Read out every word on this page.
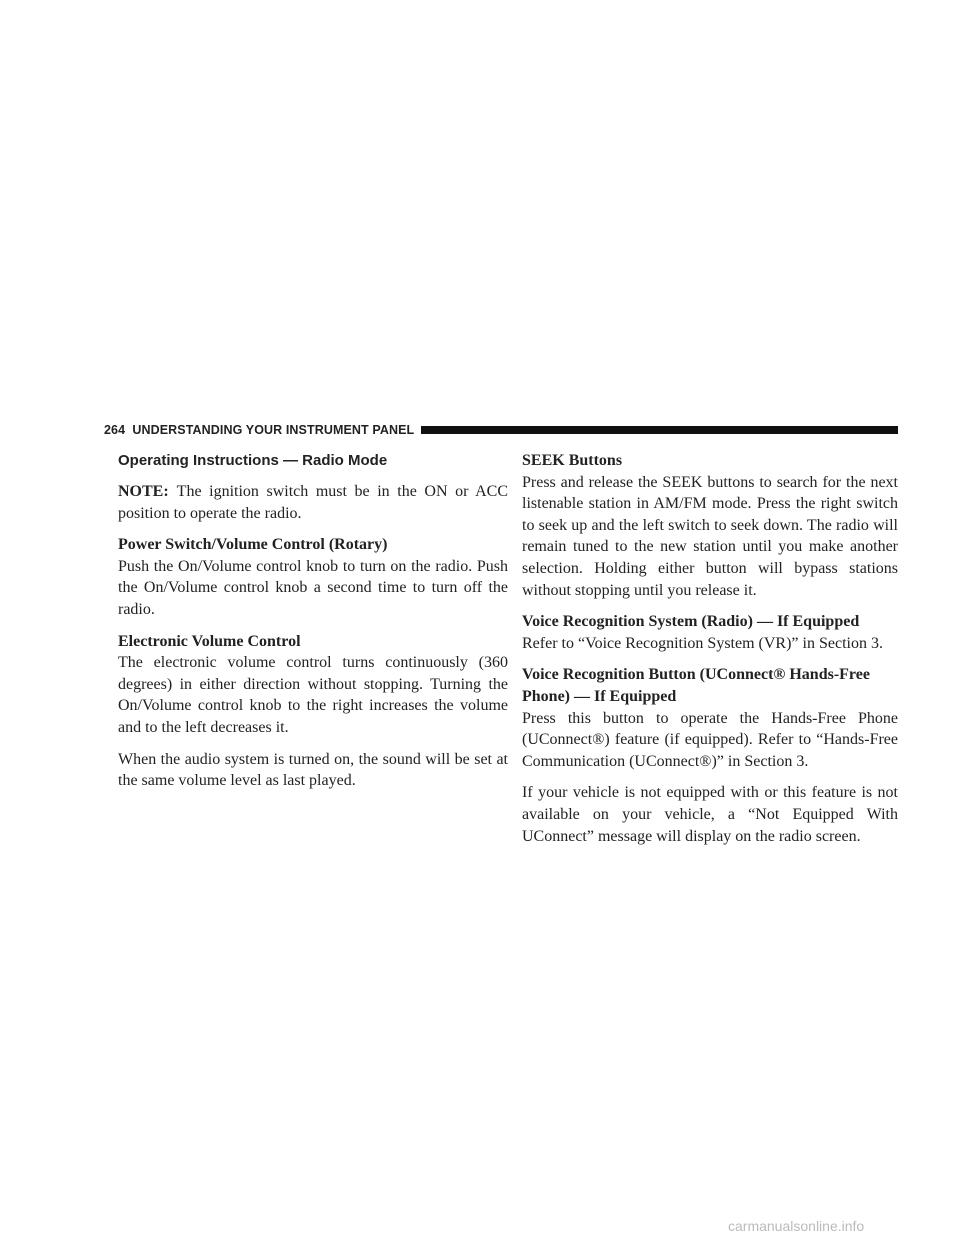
264 UNDERSTANDING YOUR INSTRUMENT PANEL

Operating Instructions — Radio Mode

NOTE: The ignition switch must be in the ON or ACC position to operate the radio.

Power Switch/Volume Control (Rotary)

Push the On/Volume control knob to turn on the radio. Push the On/Volume control knob a second time to turn off the radio.

Electronic Volume Control

The electronic volume control turns continuously (360 degrees) in either direction without stopping. Turning the On/Volume control knob to the right increases the volume and to the left decreases it.

When the audio system is turned on, the sound will be set at the same volume level as last played.

SEEK Buttons

Press and release the SEEK buttons to search for the next listenable station in AM/FM mode. Press the right switch to seek up and the left switch to seek down. The radio will remain tuned to the new station until you make another selection. Holding either button will bypass stations without stopping until you release it.

Voice Recognition System (Radio) — If Equipped

Refer to “Voice Recognition System (VR)” in Section 3.

Voice Recognition Button (UConnect® Hands-Free Phone) — If Equipped

Press this button to operate the Hands-Free Phone (UConnect®) feature (if equipped). Refer to “Hands-Free Communication (UConnect®)” in Section 3.

If your vehicle is not equipped with or this feature is not available on your vehicle, a “Not Equipped With UConnect” message will display on the radio screen.

carmanualsonline.info
